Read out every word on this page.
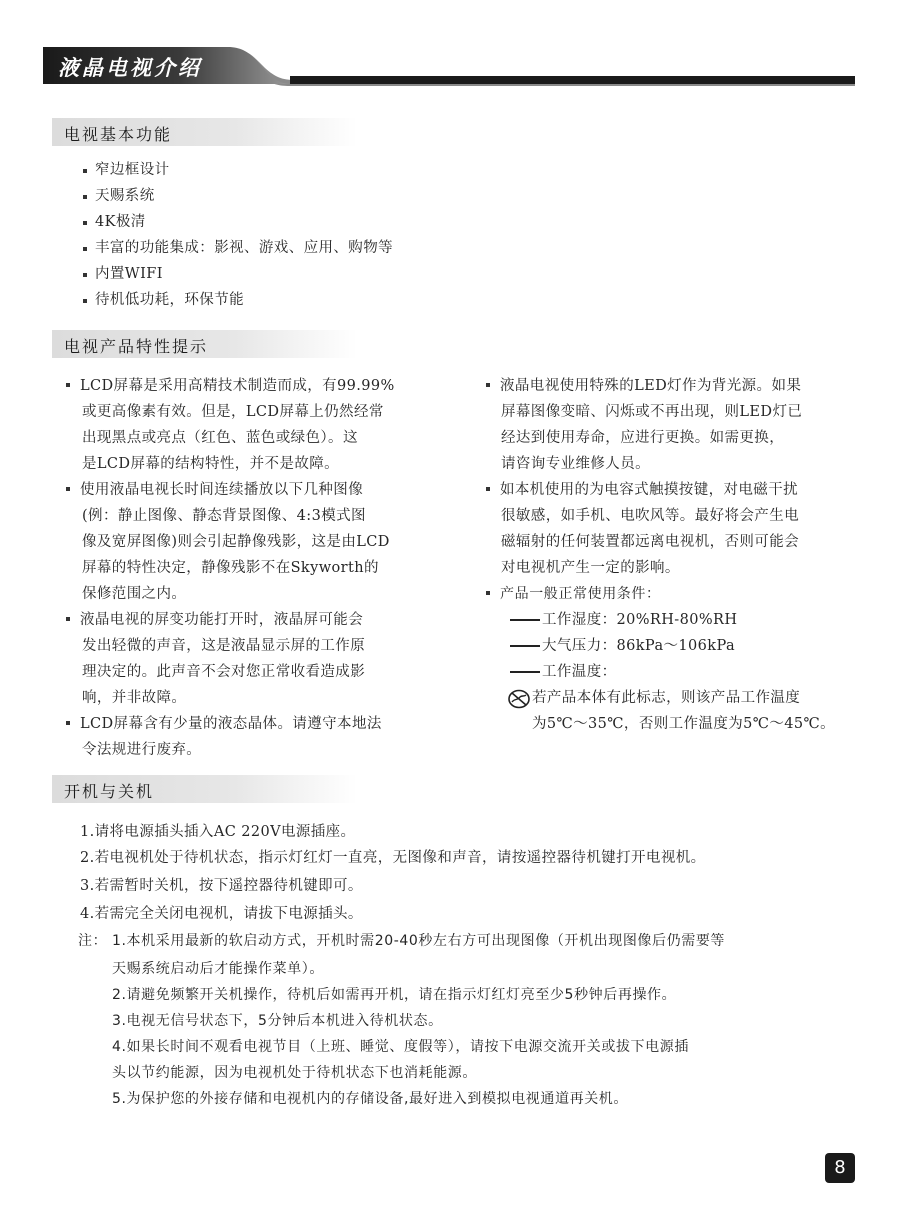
液晶电视介绍
电视基本功能
窄边框设计
天赐系统
4K极清
丰富的功能集成：影视、游戏、应用、购物等
内置WIFI
待机低功耗，环保节能
电视产品特性提示
LCD屏幕是采用高精技术制造而成，有99.99%
或更高像素有效。但是，LCD屏幕上仍然经常
出现黑点或亮点（红色、蓝色或绿色）。这
是LCD屏幕的结构特性，并不是故障。
使用液晶电视长时间连续播放以下几种图像
(例：静止图像、静态背景图像、4:3模式图
像及宽屏图像)则会引起静像残影，这是由LCD
屏幕的特性决定，静像残影不在Skyworth的
保修范围之内。
液晶电视的屏变功能打开时，液晶屏可能会
发出轻微的声音，这是液晶显示屏的工作原
理决定的。此声音不会对您正常收看造成影
响，并非故障。
LCD屏幕含有少量的液态晶体。请遵守本地法
令法规进行废弃。
液晶电视使用特殊的LED灯作为背光源。如果
屏幕图像变暗、闪烁或不再出现，则LED灯已
经达到使用寿命，应进行更换。如需更换，
请咨询专业维修人员。
如本机使用的为电容式触摸按键，对电磁干扰
很敏感，如手机、电吹风等。最好将会产生电
磁辐射的任何装置都远离电视机，否则可能会
对电视机产生一定的影响。
产品一般正常使用条件：
工作湿度：20%RH-80%RH
大气压力：86kPa～106kPa
工作温度：
若产品本体有此标志，则该产品工作温度
为5℃～35℃，否则工作温度为5℃～45℃。
开机与关机
1.请将电源插头插入AC 220V电源插座。
2.若电视机处于待机状态，指示灯红灯一直亮，无图像和声音，请按遥控器待机键打开电视机。
3.若需暂时关机，按下遥控器待机键即可。
4.若需完全关闭电视机，请拔下电源插头。
注： 1.本机采用最新的软启动方式，开机时需20-40秒左右方可出现图像（开机出现图像后仍需要等
天赐系统启动后才能操作菜单）。
2.请避免频繁开关机操作，待机后如需再开机，请在指示灯红灯亮至少5秒钟后再操作。
3.电视无信号状态下，5分钟后本机进入待机状态。
4.如果长时间不观看电视节目（上班、睡觉、度假等），请按下电源交流开关或拔下电源插
头以节约能源，因为电视机处于待机状态下也消耗能源。
5.为保护您的外接存储和电视机内的存储设备,最好进入到模拟电视通道再关机。
8
